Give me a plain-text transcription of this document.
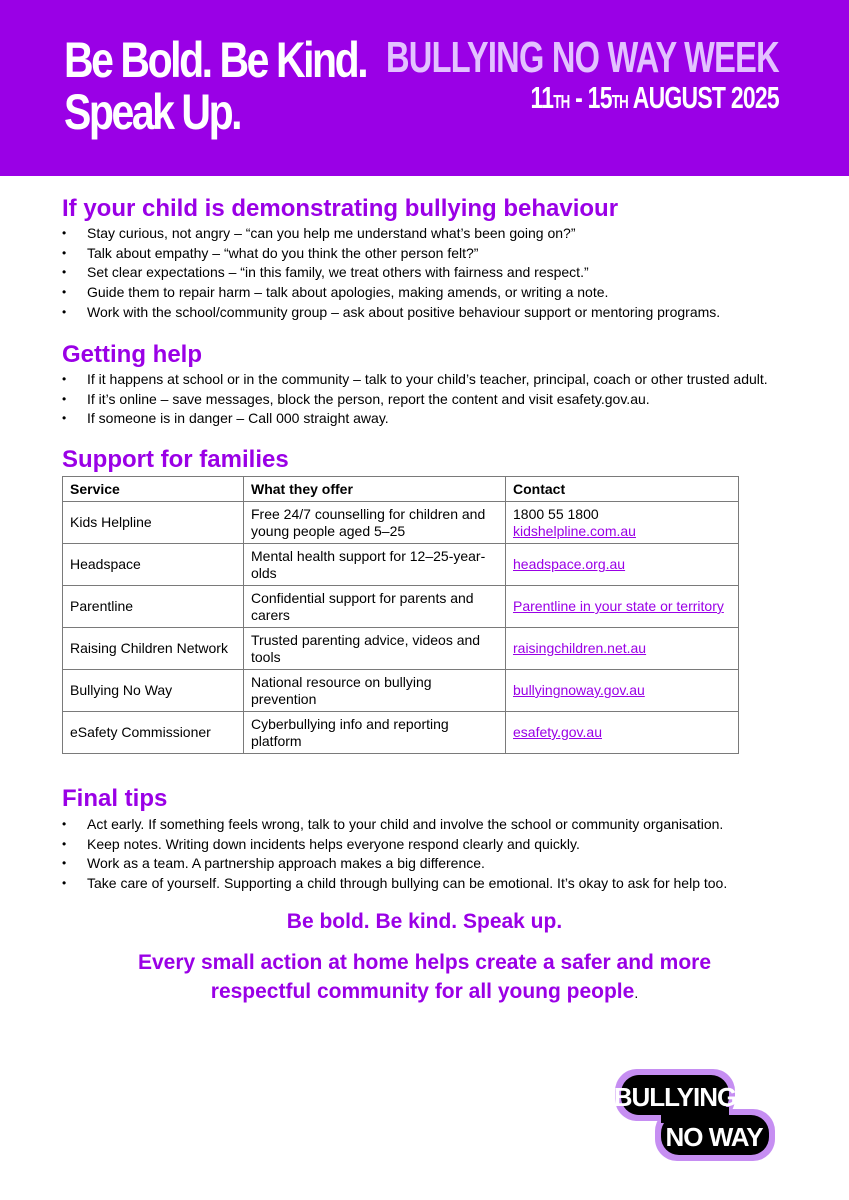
Be Bold. Be Kind.
Speak Up.
BULLYING NO WAY WEEK
11TH - 15TH AUGUST 2025
If your child is demonstrating bullying behaviour
• Stay curious, not angry – “can you help me understand what’s been going on?”
• Talk about empathy – “what do you think the other person felt?”
• Set clear expectations – “in this family, we treat others with fairness and respect.”
• Guide them to repair harm – talk about apologies, making amends, or writing a note.
• Work with the school/community group – ask about positive behaviour support or mentoring programs.
Getting help
• If it happens at school or in the community – talk to your child’s teacher, principal, coach or other trusted adult.
• If it’s online – save messages, block the person, report the content and visit esafety.gov.au.
• If someone is in danger – Call 000 straight away.
Support for families
Service	What they offer	Contact
Kids Helpline	Free 24/7 counselling for children and young people aged 5–25	1800 55 1800
kidshelpline.com.au
Headspace	Mental health support for 12–25-year-olds	headspace.org.au
Parentline	Confidential support for parents and carers	Parentline in your state or territory
Raising Children Network	Trusted parenting advice, videos and tools	raisingchildren.net.au
Bullying No Way	National resource on bullying prevention	bullyingnoway.gov.au
eSafety Commissioner	Cyberbullying info and reporting platform	esafety.gov.au
Final tips
• Act early. If something feels wrong, talk to your child and involve the school or community organisation.
• Keep notes. Writing down incidents helps everyone respond clearly and quickly.
• Work as a team. A partnership approach makes a big difference.
• Take care of yourself. Supporting a child through bullying can be emotional. It’s okay to ask for help too.

Be bold. Be kind. Speak up.

Every small action at home helps create a safer and more
respectful community for all young people.

BULLYING
NO WAY
